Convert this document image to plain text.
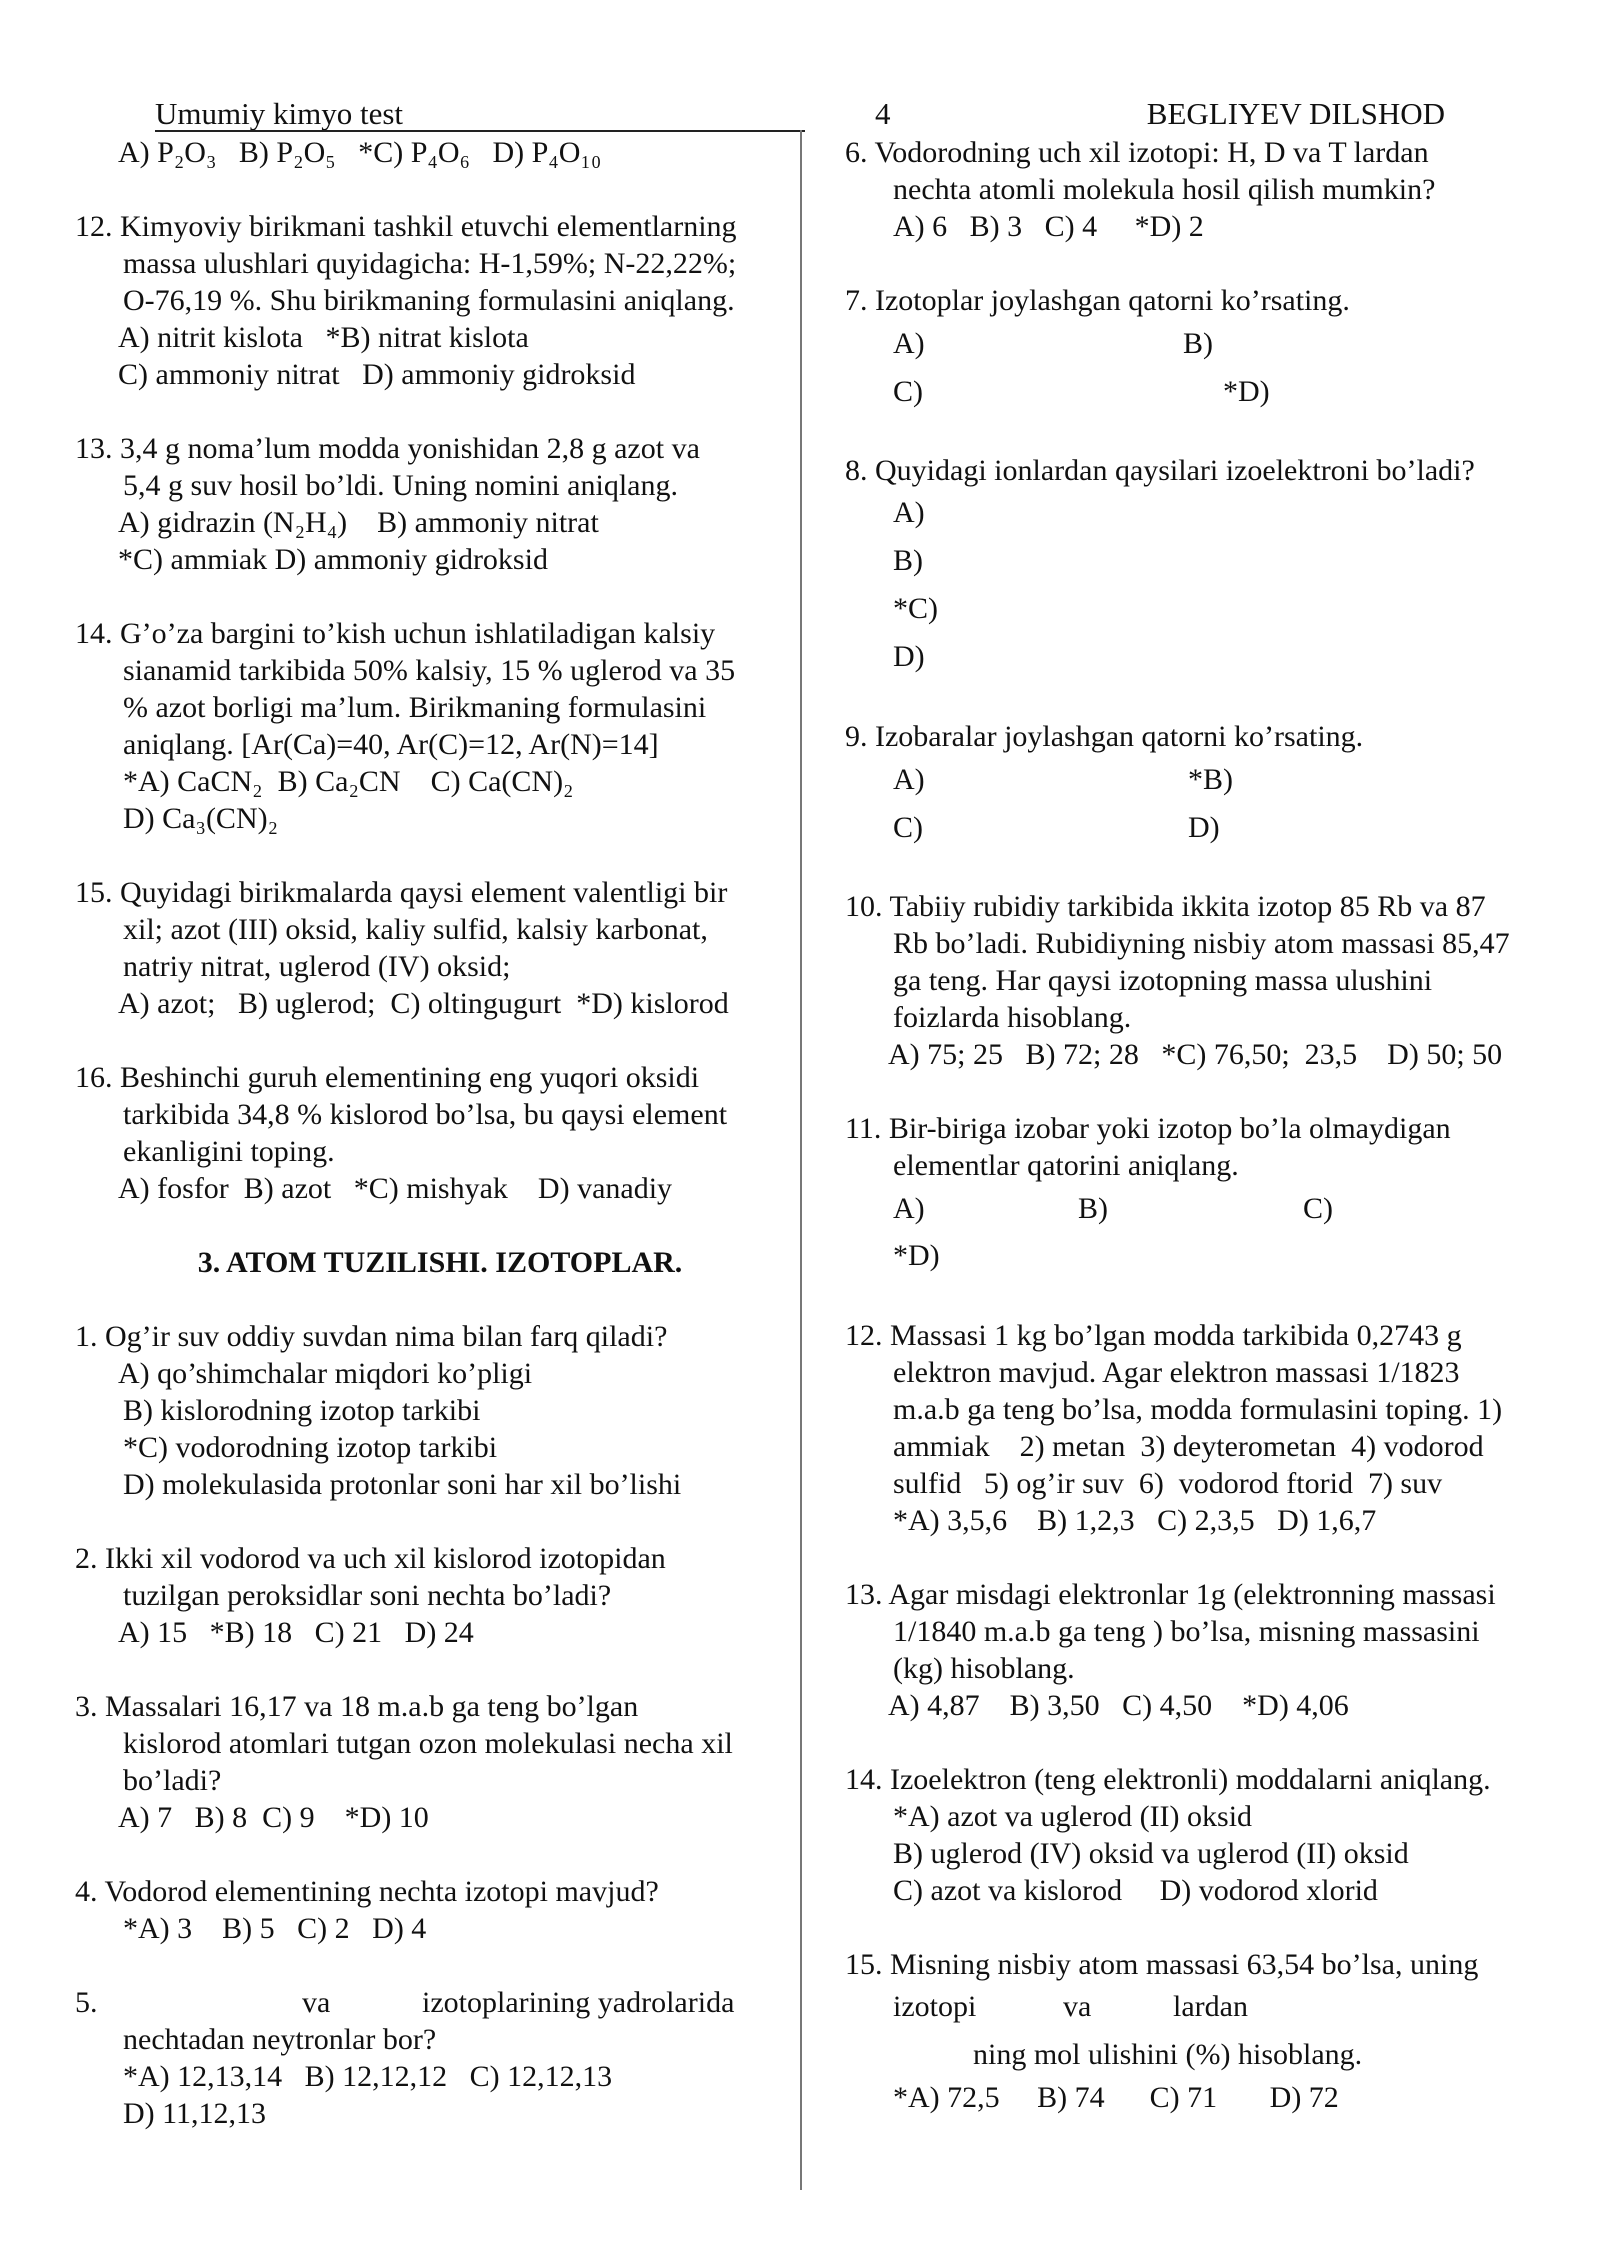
Umumiy kimyo test	4	BEGLIYEV DILSHOD
A) P₂O₃   B) P₂O₅   *C) P₄O₆   D) P₄O₁₀
12. Kimyoviy birikmani tashkil etuvchi elementlarning
massa ulushlari quyidagicha: H-1,59%; N-22,22%;
O-76,19 %. Shu birikmaning formulasini aniqlang.
A) nitrit kislota   *B) nitrat kislota
C) ammoniy nitrat   D) ammoniy gidroksid
13. 3,4 g noma’lum modda yonishidan 2,8 g azot va
5,4 g suv hosil bo’ldi. Uning nomini aniqlang.
A) gidrazin (N₂H₄)    B) ammoniy nitrat
*C) ammiak D) ammoniy gidroksid
14. G’o’za bargini to’kish uchun ishlatiladigan kalsiy
sianamid tarkibida 50% kalsiy, 15 % uglerod va 35
% azot borligi ma’lum. Birikmaning formulasini
aniqlang. [Ar(Ca)=40, Ar(C)=12, Ar(N)=14]
*A) CaCN₂  B) Ca₂CN    C) Ca(CN)₂
D) Ca₃(CN)₂
15. Quyidagi birikmalarda qaysi element valentligi bir
xil; azot (III) oksid, kaliy sulfid, kalsiy karbonat,
natriy nitrat, uglerod (IV) oksid;
A) azot;   B) uglerod;  C) oltingugurt  *D) kislorod
16. Beshinchi guruh elementining eng yuqori oksidi
tarkibida 34,8 % kislorod bo’lsa, bu qaysi element
ekanligini toping.
A) fosfor  B) azot   *C) mishyak    D) vanadiy
3. ATOM TUZILISHI. IZOTOPLAR.
1. Og’ir suv oddiy suvdan nima bilan farq qiladi?
A) qo’shimchalar miqdori ko’pligi
B) kislorodning izotop tarkibi
*C) vodorodning izotop tarkibi
D) molekulasida protonlar soni har xil bo’lishi
2. Ikki xil vodorod va uch xil kislorod izotopidan
tuzilgan peroksidlar soni nechta bo’ladi?
A) 15   *B) 18   C) 21   D) 24
3. Massalari 16,17 va 18 m.a.b ga teng bo’lgan
kislorod atomlari tutgan ozon molekulasi necha xil
bo’ladi?
A) 7   B) 8  C) 9    *D) 10
4. Vodorod elementining nechta izotopi mavjud?
*A) 3    B) 5   C) 2   D) 4
5.	va	izotoplarining yadrolarida
nechtadan neytronlar bor?
*A) 12,13,14   B) 12,12,12   C) 12,12,13
D) 11,12,13
6. Vodorodning uch xil izotopi: H, D va T lardan
nechta atomli molekula hosil qilish mumkin?
A) 6   B) 3   C) 4     *D) 2
7. Izotoplar joylashgan qatorni ko’rsating.
A)	B)
C)	*D)
8. Quyidagi ionlardan qaysilari izoelektroni bo’ladi?
A)
B)
*C)
D)
9. Izobaralar joylashgan qatorni ko’rsating.
A)	*B)
C)	D)
10. Tabiiy rubidiy tarkibida ikkita izotop 85 Rb va 87
Rb bo’ladi. Rubidiyning nisbiy atom massasi 85,47
ga teng. Har qaysi izotopning massa ulushini
foizlarda hisoblang.
A) 75; 25   B) 72; 28   *C) 76,50;  23,5    D) 50; 50
11. Bir-biriga izobar yoki izotop bo’la olmaydigan
elementlar qatorini aniqlang.
A)	B)	C)
*D)
12. Massasi 1 kg bo’lgan modda tarkibida 0,2743 g
elektron mavjud. Agar elektron massasi 1/1823
m.a.b ga teng bo’lsa, modda formulasini toping. 1)
ammiak    2) metan  3) deyterometan  4) vodorod
sulfid   5) og’ir suv  6)  vodorod ftorid  7) suv
*A) 3,5,6    B) 1,2,3   C) 2,3,5   D) 1,6,7
13. Agar misdagi elektronlar 1g (elektronning massasi
1/1840 m.a.b ga teng ) bo’lsa, misning massasini
(kg) hisoblang.
A) 4,87    B) 3,50   C) 4,50    *D) 4,06
14. Izoelektron (teng elektronli) moddalarni aniqlang.
*A) azot va uglerod (II) oksid
B) uglerod (IV) oksid va uglerod (II) oksid
C) azot va kislorod     D) vodorod xlorid
15. Misning nisbiy atom massasi 63,54 bo’lsa, uning
izotopi	va	lardan
ning mol ulishini (%) hisoblang.
*A) 72,5     B) 74      C) 71       D) 72
